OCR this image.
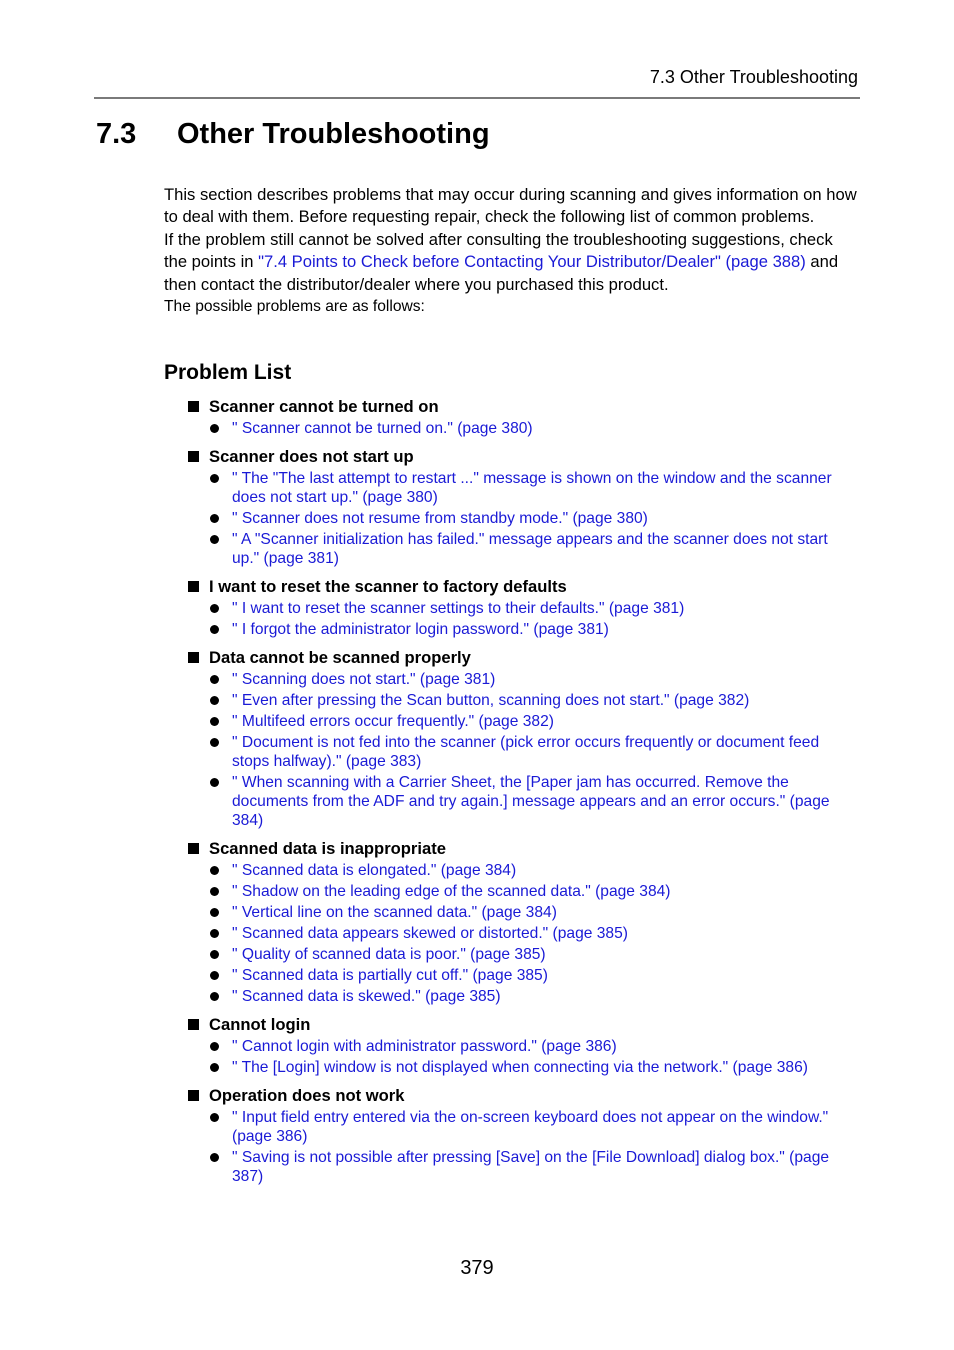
7.3 Other Troubleshooting
7.3 Other Troubleshooting

This section describes problems that may occur during scanning and gives information on how to deal with them. Before requesting repair, check the following list of common problems.

If the problem still cannot be solved after consulting the troubleshooting suggestions, check the points in "7.4 Points to Check before Contacting Your Distributor/Dealer" (page 388) and then contact the distributor/dealer where you purchased this product.

The possible problems are as follows:

Problem List
Scanner cannot be turned on
" Scanner cannot be turned on." (page 380)
Scanner does not start up
" The "The last attempt to restart ..." message is shown on the window and the scanner does not start up." (page 380)
" Scanner does not resume from standby mode." (page 380)
" A "Scanner initialization has failed." message appears and the scanner does not start up." (page 381)
I want to reset the scanner to factory defaults
" I want to reset the scanner settings to their defaults." (page 381)
" I forgot the administrator login password." (page 381)
Data cannot be scanned properly
" Scanning does not start." (page 381)
" Even after pressing the Scan button, scanning does not start." (page 382)
" Multifeed errors occur frequently." (page 382)
" Document is not fed into the scanner (pick error occurs frequently or document feed stops halfway)." (page 383)
" When scanning with a Carrier Sheet, the [Paper jam has occurred. Remove the documents from the ADF and try again.] message appears and an error occurs." (page 384)
Scanned data is inappropriate
" Scanned data is elongated." (page 384)
" Shadow on the leading edge of the scanned data." (page 384)
" Vertical line on the scanned data." (page 384)
" Scanned data appears skewed or distorted." (page 385)
" Quality of scanned data is poor." (page 385)
" Scanned data is partially cut off." (page 385)
" Scanned data is skewed." (page 385)
Cannot login
" Cannot login with administrator password." (page 386)
" The [Login] window is not displayed when connecting via the network." (page 386)
Operation does not work
" Input field entry entered via the on-screen keyboard does not appear on the window." (page 386)
" Saving is not possible after pressing [Save] on the [File Download] dialog box." (page 387)
379
